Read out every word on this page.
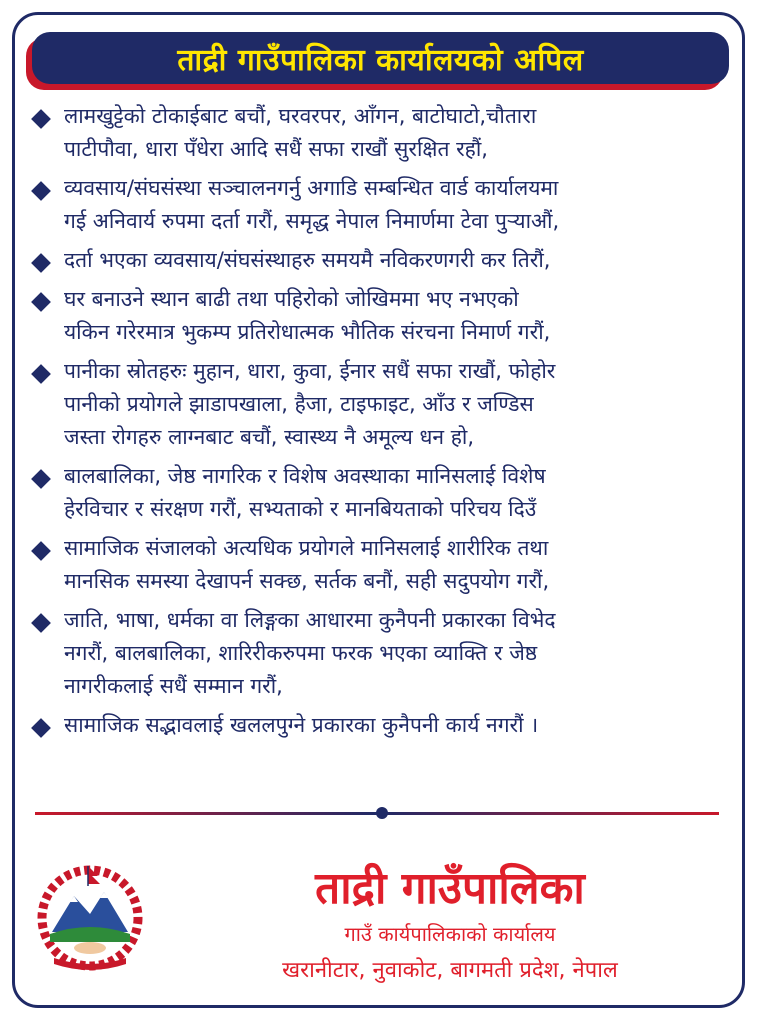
ताद्री गाउँपालिका कार्यालयको अपिल
लामखुट्टेको टोकाईबाट बचौं, घरवरपर, आँगन, बाटोघाटो,चौतारा
पाटीपौवा, धारा पँधेरा आदि सधैं सफा राखौं सुरक्षित रहौं,
व्यवसाय/संघसंस्था सञ्चालनगर्नु अगाडि सम्बन्धित वार्ड कार्यालयमा
गई अनिवार्य रुपमा दर्ता गरौं, समृद्ध नेपाल निमार्णमा टेवा पुऱ्याऔं,
दर्ता भएका व्यवसाय/संघसंस्थाहरु समयमै नविकरणगरी कर तिरौं,
घर बनाउने स्थान बाढी तथा पहिरोको जोखिममा भए नभएको
यकिन गरेरमात्र भुकम्प प्रतिरोधात्मक भौतिक संरचना निमार्ण गरौं,
पानीका स्रोतहरुः मुहान, धारा, कुवा, ईनार सधैं सफा राखौं, फोहोर
पानीको प्रयोगले झाडापखाला, हैजा, टाइफाइट, आँउ र जण्डिस
जस्ता रोगहरु लाग्नबाट बचौं, स्वास्थ्य नै अमूल्य धन हो,
बालबालिका, जेष्ठ नागरिक र विशेष अवस्थाका मानिसलाई विशेष
हेरविचार र संरक्षण गरौं, सभ्यताको र मानबियताको परिचय दिउँ
सामाजिक संजालको अत्यधिक प्रयोगले मानिसलाई शारीरिक तथा
मानसिक समस्या देखापर्न सक्छ, सर्तक बनौं, सही सदुपयोग गरौं,
जाति, भाषा, धर्मका वा लिङ्गका आधारमा कुनैपनी प्रकारका विभेद
नगरौं, बालबालिका, शारिरीकरुपमा फरक भएका व्याक्ति र जेष्ठ
नागरीकलाई सधैं सम्मान गरौं,
सामाजिक सद्भावलाई खललपुग्ने प्रकारका कुनैपनी कार्य नगरौं ।
ताद्री गाउँपालिका
गाउँ कार्यपालिकाको कार्यालय
खरानीटार, नुवाकोट, बागमती प्रदेश, नेपाल
